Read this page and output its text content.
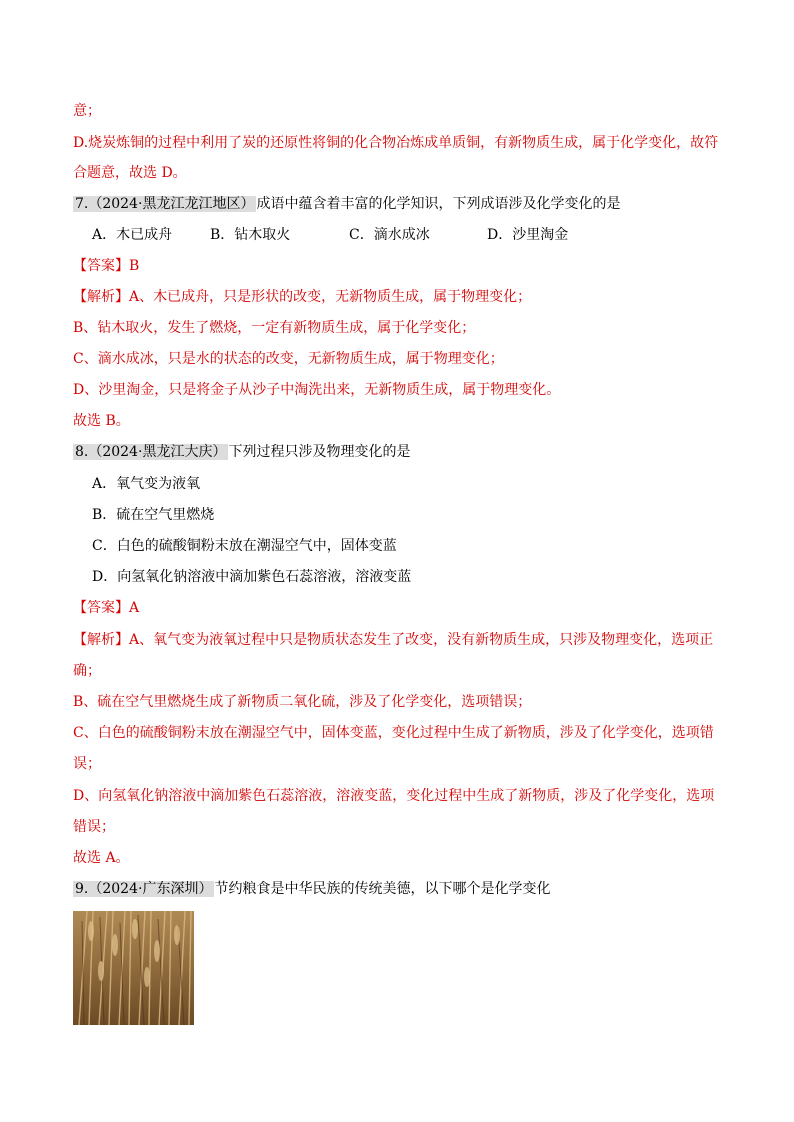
意；
D.烧炭炼铜的过程中利用了炭的还原性将铜的化合物冶炼成单质铜，有新物质生成，属于化学变化，故符
合题意，故选 D。
7.（2024·黑龙江龙江地区） 成语中蕴含着丰富的化学知识，下列成语涉及化学变化的是
A．木已成舟	B．钻木取火	C．滴水成冰	D．沙里淘金
【答案】B
【解析】A、木已成舟，只是形状的改变，无新物质生成，属于物理变化；
B、钻木取火，发生了燃烧，一定有新物质生成，属于化学变化；
C、滴水成冰，只是水的状态的改变，无新物质生成，属于物理变化；
D、沙里淘金，只是将金子从沙子中淘洗出来，无新物质生成，属于物理变化。
故选 B。
8.（2024·黑龙江大庆） 下列过程只涉及物理变化的是
A．氧气变为液氧
B．硫在空气里燃烧
C．白色的硫酸铜粉末放在潮湿空气中，固体变蓝
D．向氢氧化钠溶液中滴加紫色石蕊溶液，溶液变蓝
【答案】A
【解析】A、氧气变为液氧过程中只是物质状态发生了改变，没有新物质生成，只涉及物理变化，选项正
确；
B、硫在空气里燃烧生成了新物质二氧化硫，涉及了化学变化，选项错误；
C、白色的硫酸铜粉末放在潮湿空气中，固体变蓝，变化过程中生成了新物质，涉及了化学变化，选项错
误；
D、向氢氧化钠溶液中滴加紫色石蕊溶液，溶液变蓝，变化过程中生成了新物质，涉及了化学变化，选项
错误；
故选 A。
9.（2024·广东深圳） 节约粮食是中华民族的传统美德，以下哪个是化学变化
